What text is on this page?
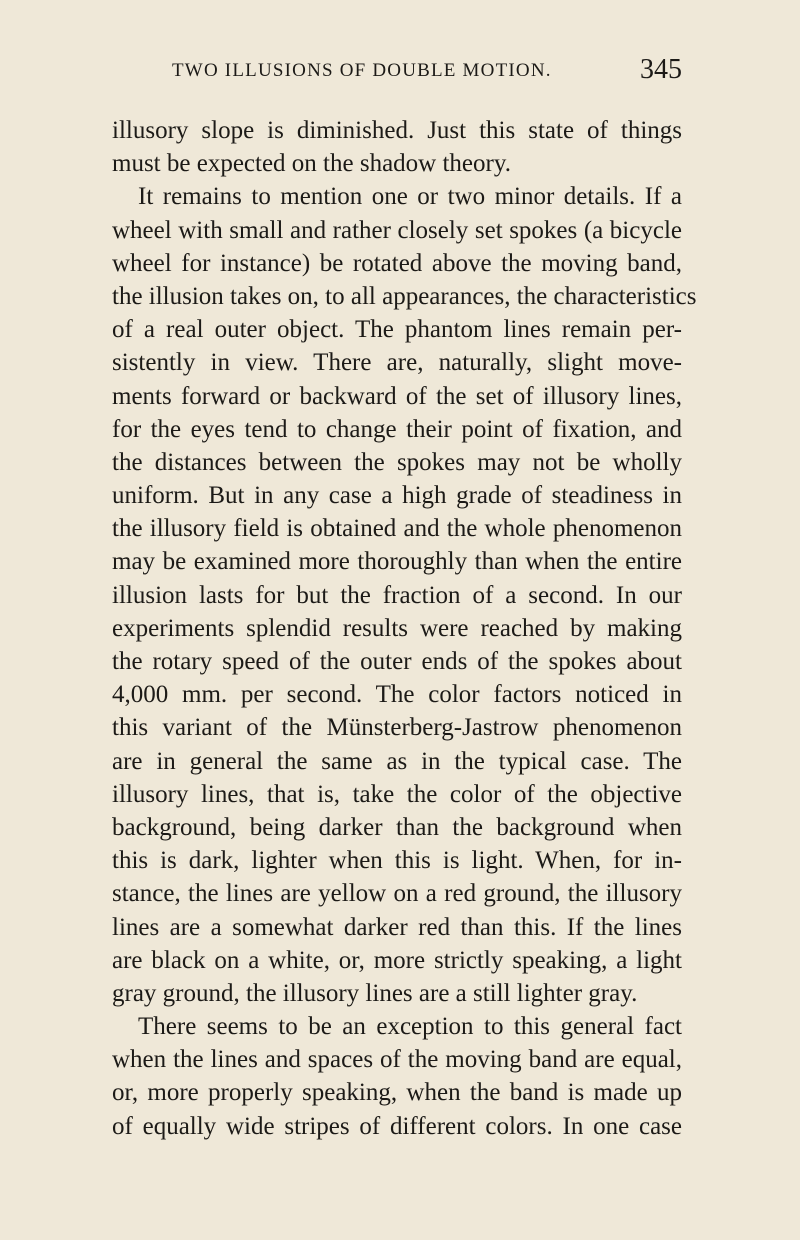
TWO ILLUSIONS OF DOUBLE MOTION.	345
illusory slope is diminished. Just this state of things
must be expected on the shadow theory.
It remains to mention one or two minor details. If a
wheel with small and rather closely set spokes (a bicycle
wheel for instance) be rotated above the moving band,
the illusion takes on, to all appearances, the characteristics
of a real outer object. The phantom lines remain per-
sistently in view. There are, naturally, slight move-
ments forward or backward of the set of illusory lines,
for the eyes tend to change their point of fixation, and
the distances between the spokes may not be wholly
uniform. But in any case a high grade of steadiness in
the illusory field is obtained and the whole phenomenon
may be examined more thoroughly than when the entire
illusion lasts for but the fraction of a second. In our
experiments splendid results were reached by making
the rotary speed of the outer ends of the spokes about
4,000 mm. per second. The color factors noticed in
this variant of the Münsterberg-Jastrow phenomenon
are in general the same as in the typical case. The
illusory lines, that is, take the color of the objective
background, being darker than the background when
this is dark, lighter when this is light. When, for in-
stance, the lines are yellow on a red ground, the illusory
lines are a somewhat darker red than this. If the lines
are black on a white, or, more strictly speaking, a light
gray ground, the illusory lines are a still lighter gray.
There seems to be an exception to this general fact
when the lines and spaces of the moving band are equal,
or, more properly speaking, when the band is made up
of equally wide stripes of different colors. In one case
